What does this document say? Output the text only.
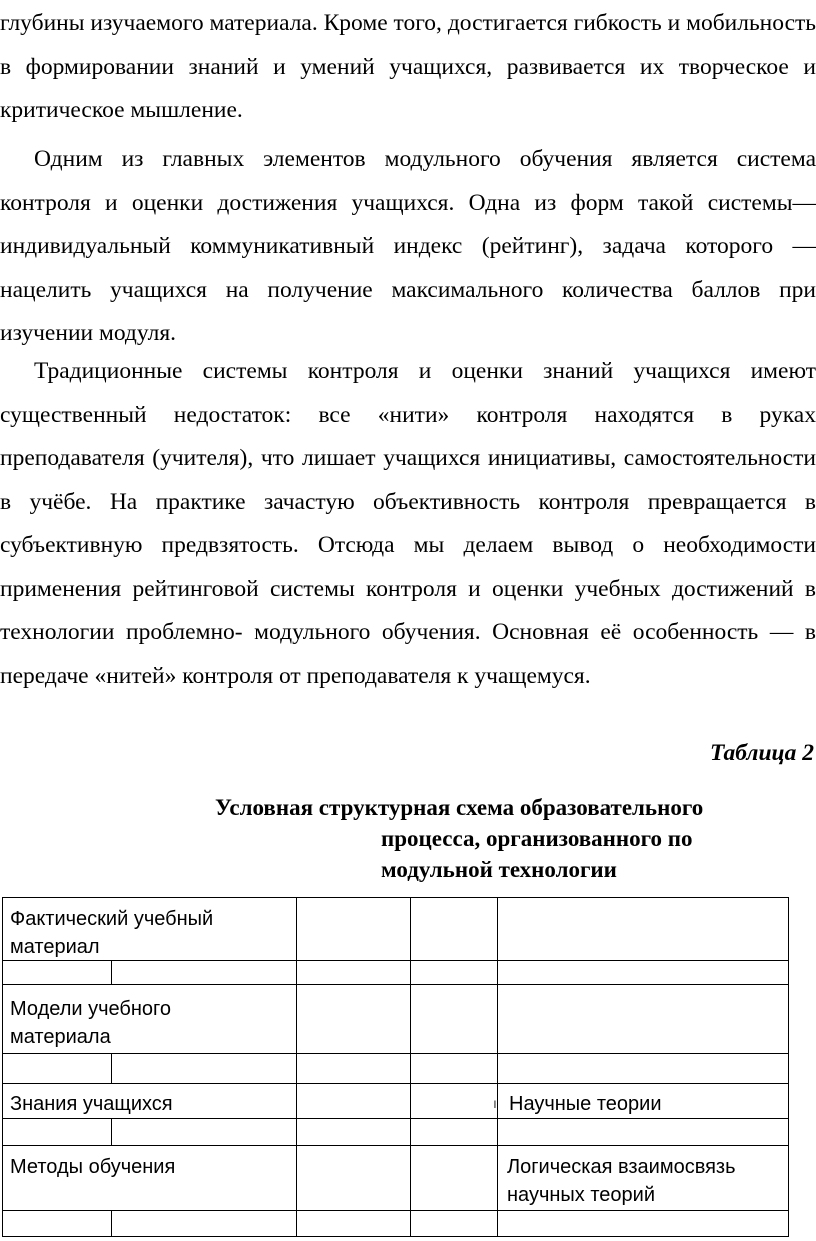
глубины изучаемого материала. Кроме того, достигается гибкость и мобильность в формировании знаний и умений учащихся, развивается их творческое и критическое мышление.

Одним из главных элементов модульного обучения является система контроля и оценки достижения учащихся. Одна из форм такой системы— индивидуальный коммуникативный индекс (рейтинг), задача которого — нацелить учащихся на получение максимального количества баллов при изучении модуля.

Традиционные системы контроля и оценки знаний учащихся имеют существенный недостаток: все «нити» контроля находятся в руках преподавателя (учителя), что лишает учащихся инициативы, самостоятельности в учёбе. На практике зачастую объективность контроля превращается в субъективную предвзятость. Отсюда мы делаем вывод о необходимости применения рейтинговой системы контроля и оценки учебных достижений в технологии проблемно- модульного обучения. Основная её особенность — в передаче «нитей» контроля от преподавателя к учащемуся.

Таблица 2

Условная структурная схема образовательного
процесса, организованного по
модульной технологии

Фактический учебный
материал
Модели учебного
материала
Знания учащихся	ı Научные теории
Методы обучения	Логическая взаимосвязь
научных теорий
